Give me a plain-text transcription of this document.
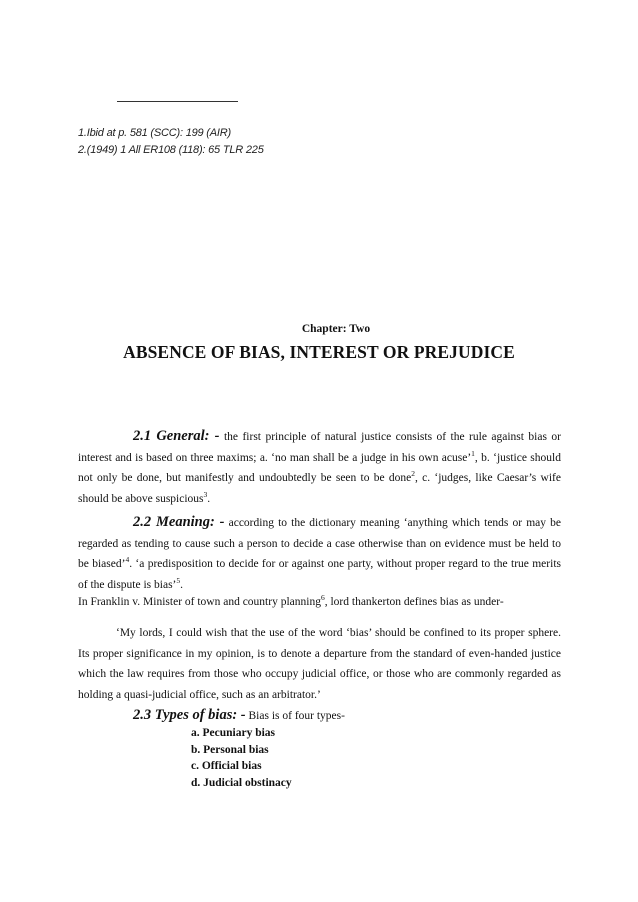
1.Ibid at p. 581 (SCC): 199 (AIR)
2.(1949) 1 All ER108 (118): 65 TLR 225
Chapter: Two
ABSENCE OF BIAS, INTEREST OR PREJUDICE
2.1 General: - the first principle of natural justice consists of the rule against bias or interest and is based on three maxims; a. ‘no man shall be a judge in his own acuse’$^1$, b. ‘justice should not only be done, but manifestly and undoubtedly be seen to be done$^2$, c. ‘judges, like Caesar’s wife should be above suspicious$^3$.
2.2 Meaning: - according to the dictionary meaning ‘anything which tends or may be regarded as tending to cause such a person to decide a case otherwise than on evidence must be held to be biased’$^4$. ‘a predisposition to decide for or against one party, without proper regard to the true merits of the dispute is bias’$^5$.
In Franklin v. Minister of town and country planning$^6$, lord thankerton defines bias as under-
‘My lords, I could wish that the use of the word ‘bias’ should be confined to its proper sphere. Its proper significance in my opinion, is to denote a departure from the standard of even-handed justice which the law requires from those who occupy judicial office, or those who are commonly regarded as holding a quasi-judicial office, such as an arbitrator.’
2.3 Types of bias: - Bias is of four types-
a. Pecuniary bias
b. Personal bias
c. Official bias
d. Judicial obstinacy
